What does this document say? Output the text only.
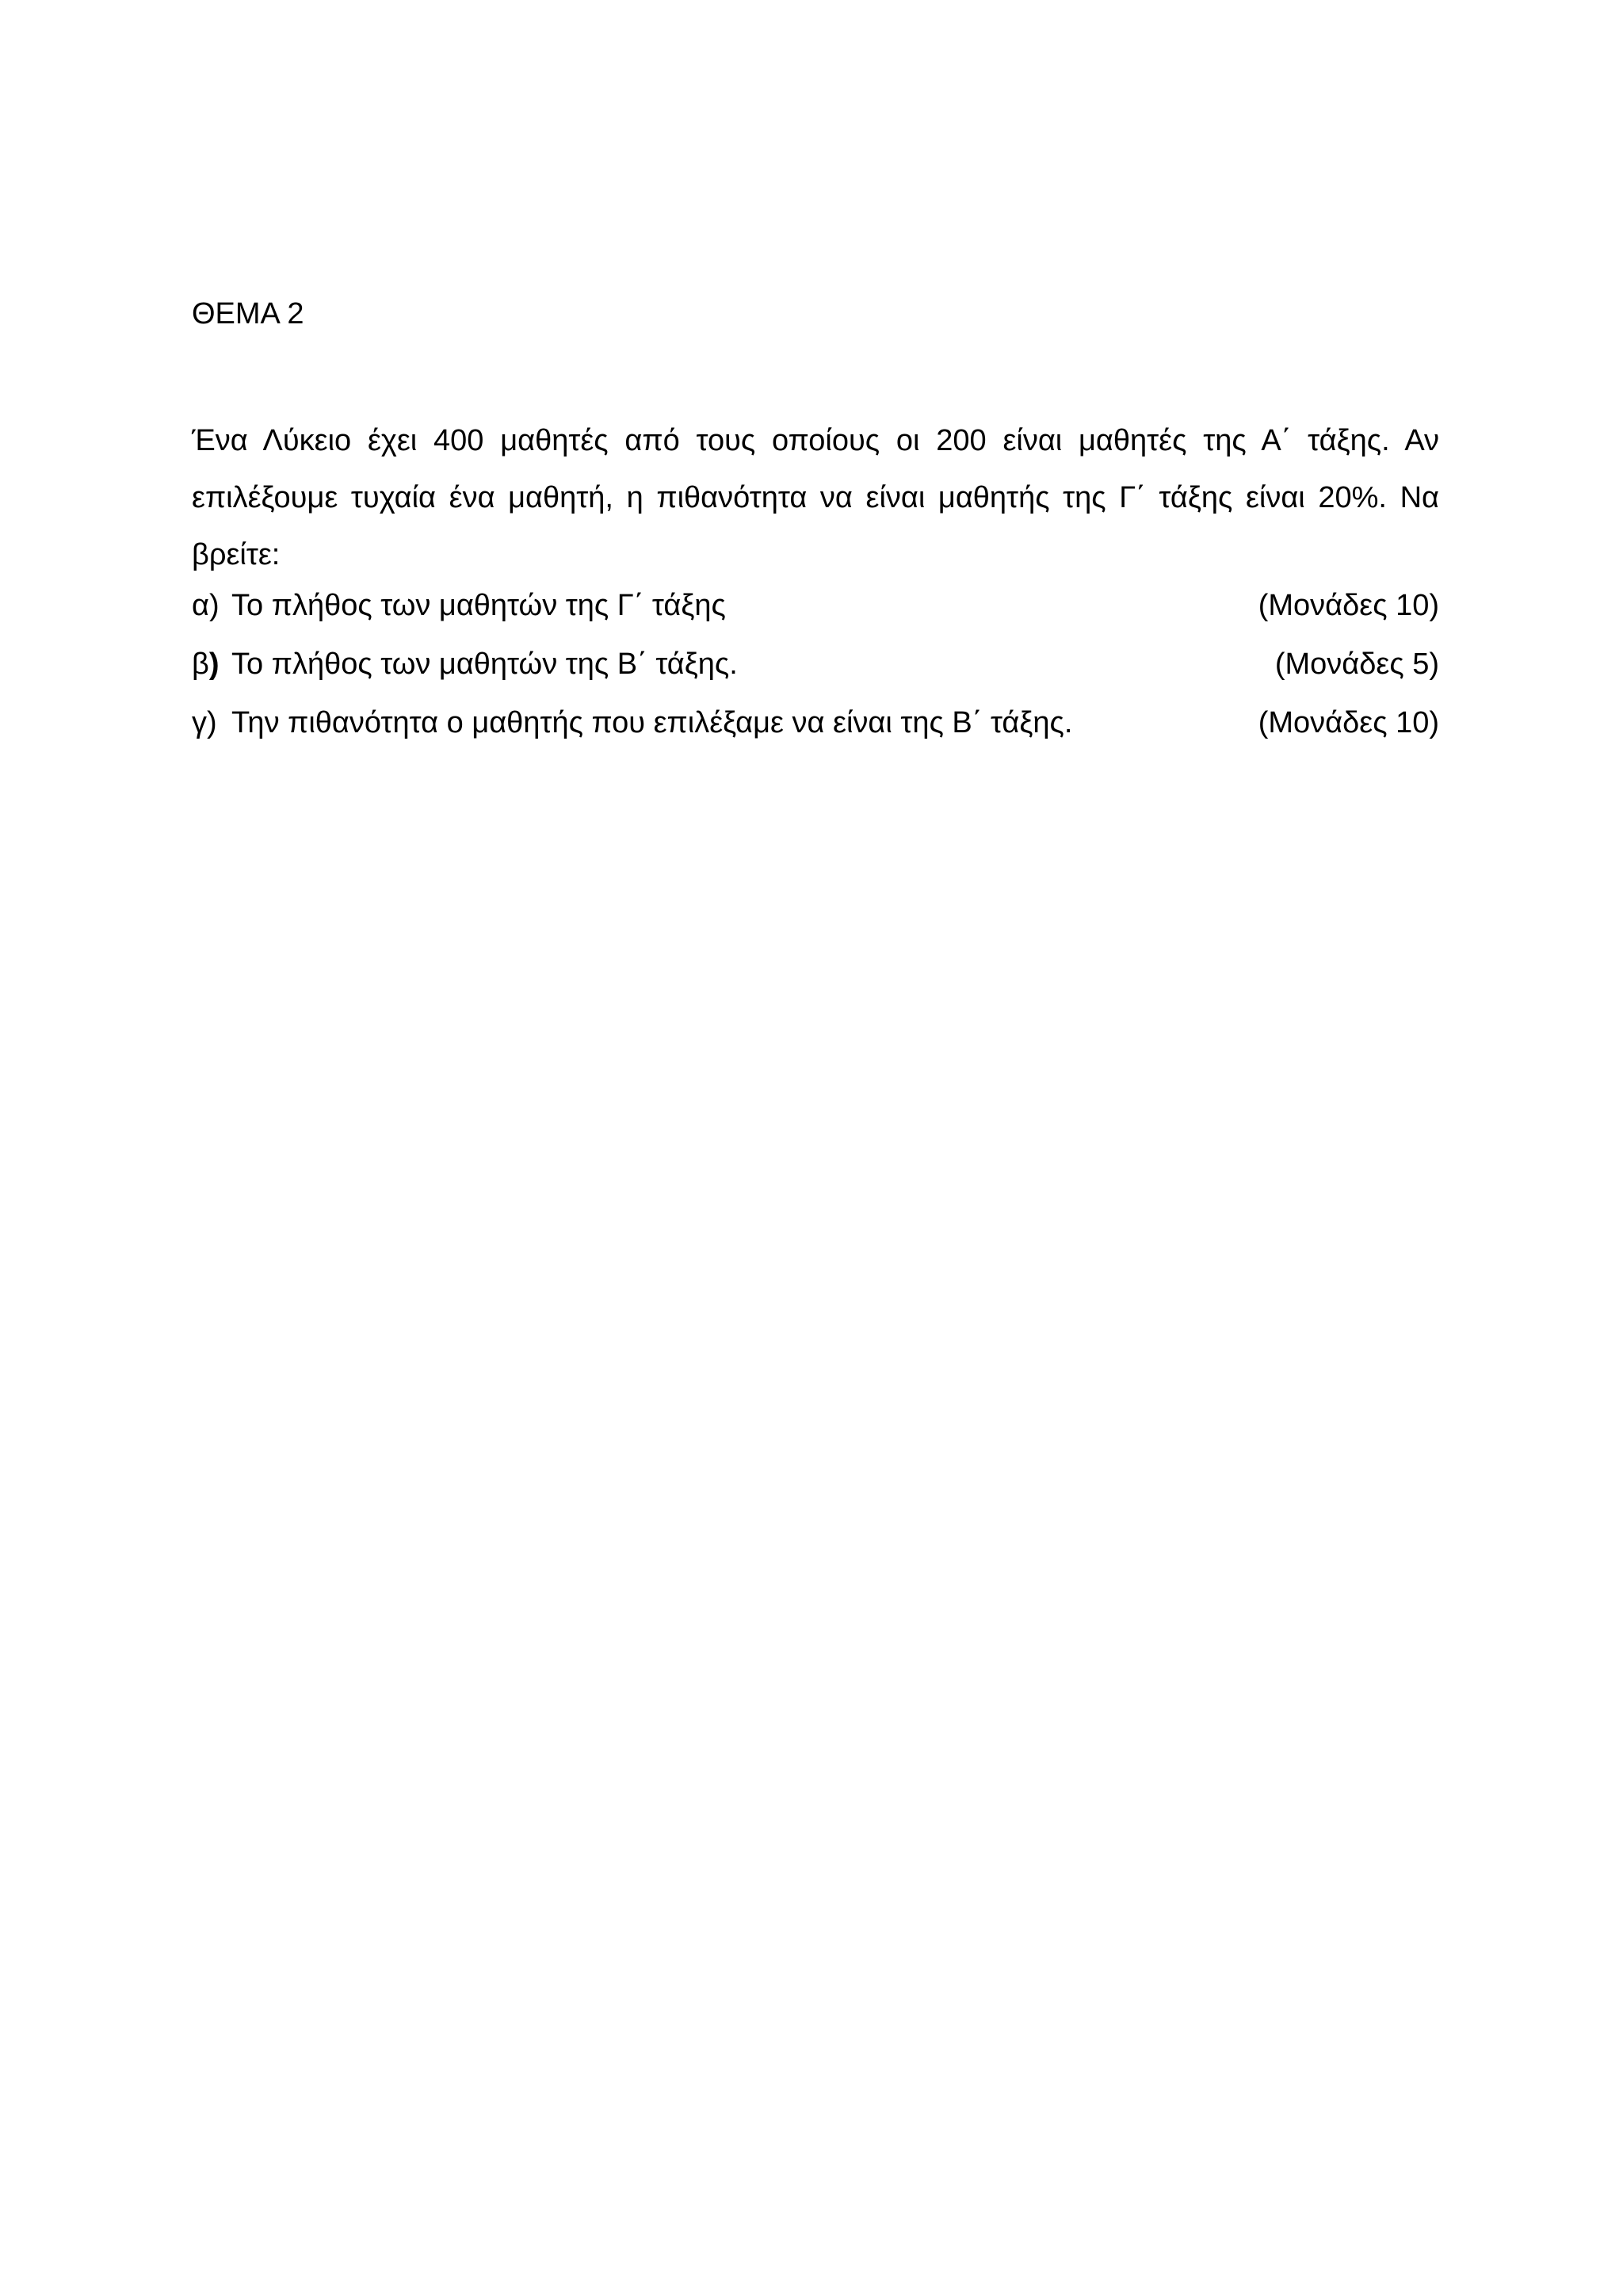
ΘΕΜΑ 2
Ένα Λύκειο έχει 400 μαθητές από τους οποίους οι 200 είναι μαθητές της Α΄ τάξης. Αν επιλέξουμε τυχαία ένα μαθητή, η πιθανότητα να είναι μαθητής της Γ΄ τάξης είναι 20%. Να βρείτε:
α) Το πλήθος των μαθητών της Γ΄ τάξης	(Μονάδες 10)
β) Το πλήθος των μαθητών της Β΄ τάξης.	(Μονάδες 5)
γ) Την πιθανότητα ο μαθητής που επιλέξαμε να είναι της Β΄ τάξης.	(Μονάδες 10)
